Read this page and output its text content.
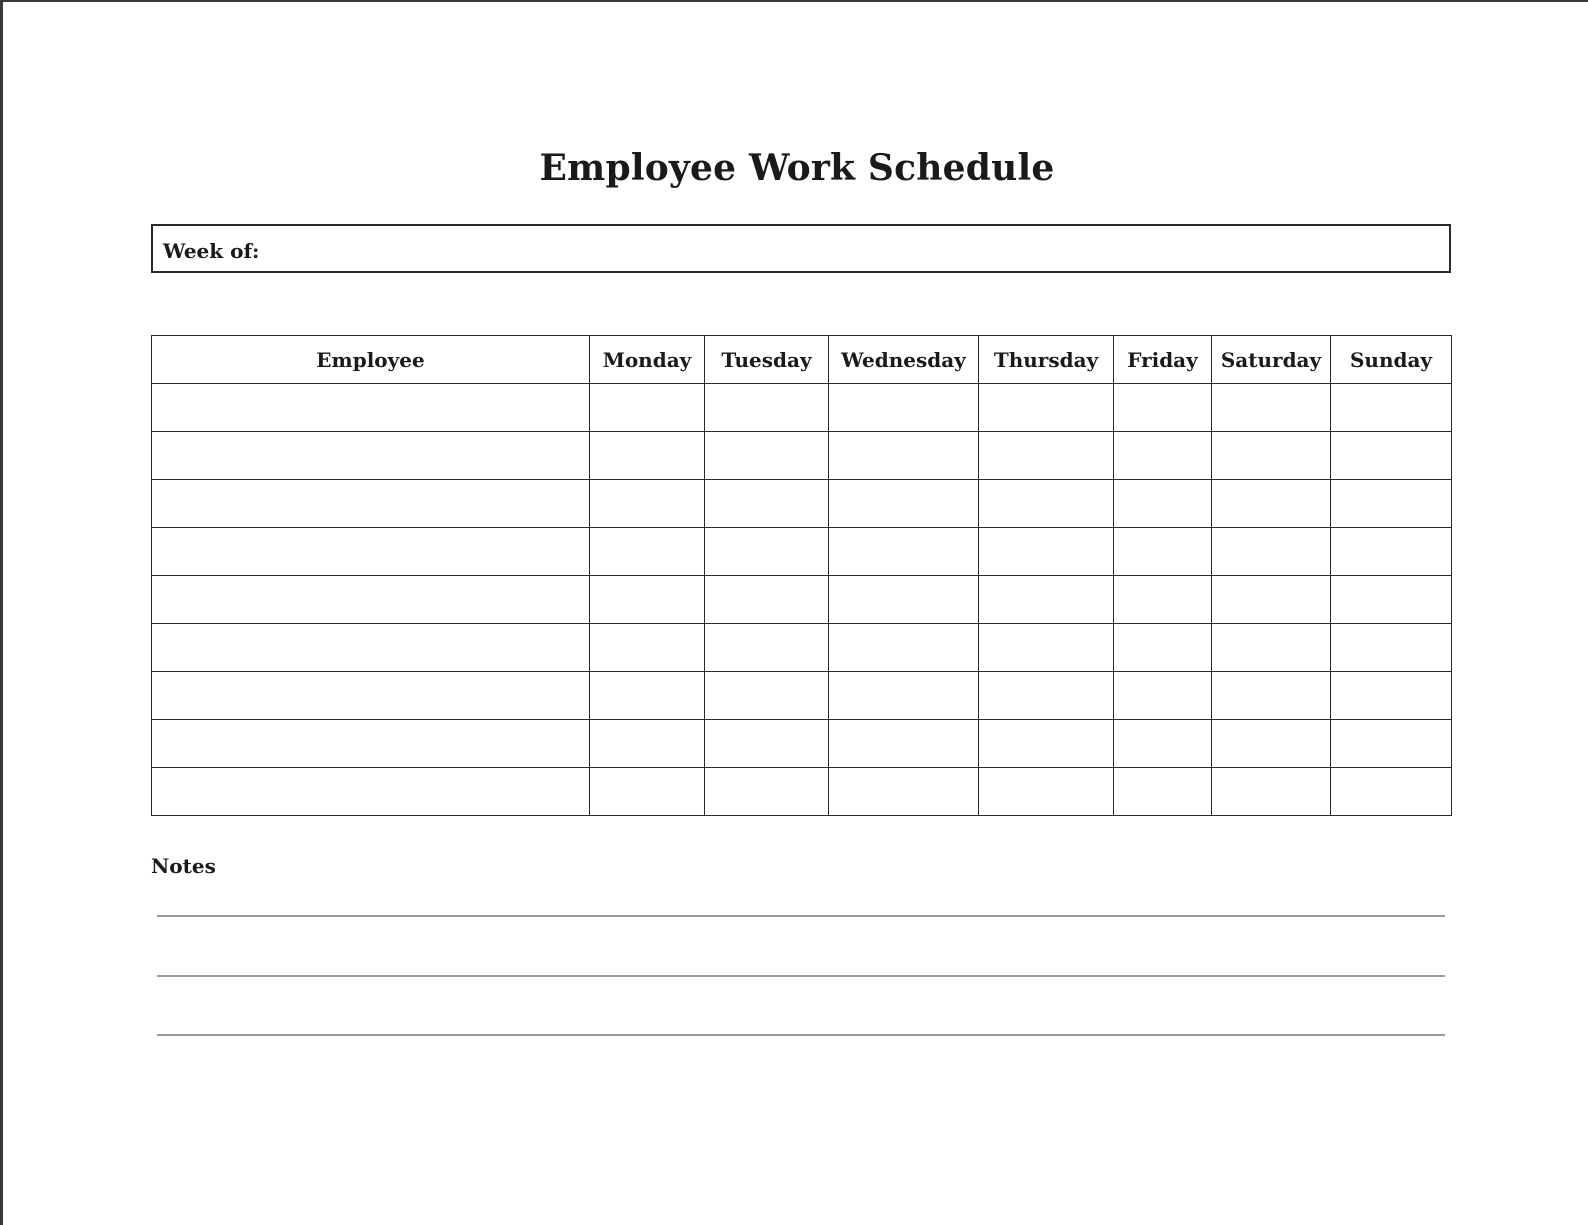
Employee Work Schedule
Week of:
Employee	Monday	Tuesday	Wednesday	Thursday	Friday	Saturday	Sunday

Notes
